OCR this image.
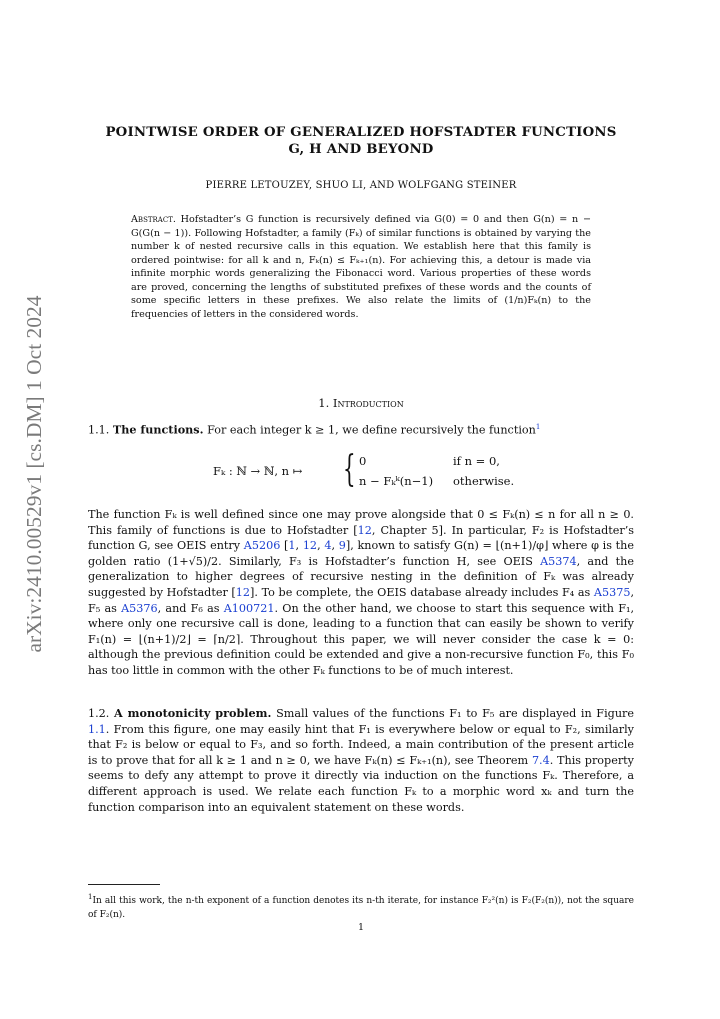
arXiv:2410.00529v1 [cs.DM] 1 Oct 2024
POINTWISE ORDER OF GENERALIZED HOFSTADTER FUNCTIONS
G, H AND BEYOND
PIERRE LETOUZEY, SHUO LI, AND WOLFGANG STEINER
Abstract. Hofstadter’s G function is recursively defined via G(0) = 0 and then G(n) = n − G(G(n − 1)). Following Hofstadter, a family (Fₖ) of similar functions is obtained by varying the number k of nested recursive calls in this equation. We establish here that this family is ordered pointwise: for all k and n, Fₖ(n) ≤ Fₖ₊₁(n). For achieving this, a detour is made via infinite morphic words generalizing the Fibonacci word. Various properties of these words are proved, concerning the lengths of substituted prefixes of these words and the counts of some specific letters in these prefixes. We also relate the limits of (1/n)Fₖ(n) to the frequencies of letters in the considered words.
1. Introduction
1.1. The functions. For each integer k ≥ 1, we define recursively the function$^1$
Fₖ : ℕ → ℕ, n ↦ { 0	if n = 0,
n − Fₖᵏ(n−1) otherwise.
The function Fₖ is well defined since one may prove alongside that 0 ≤ Fₖ(n) ≤ n for all n ≥ 0. This family of functions is due to Hofstadter [12, Chapter 5]. In particular, F₂ is Hofstadter’s function G, see OEIS entry A5206 [1, 12, 4, 9], known to satisfy G(n) = ⌊(n+1)/φ⌋ where φ is the golden ratio (1+√5)/2. Similarly, F₃ is Hofstadter’s function H, see OEIS A5374, and the generalization to higher degrees of recursive nesting in the definition of Fₖ was already suggested by Hofstadter [12]. To be complete, the OEIS database already includes F₄ as A5375, F₅ as A5376, and F₆ as A100721. On the other hand, we choose to start this sequence with F₁, where only one recursive call is done, leading to a function that can easily be shown to verify F₁(n) = ⌊(n+1)/2⌋ = ⌈n/2⌉. Throughout this paper, we will never consider the case k = 0: although the previous definition could be extended and give a non-recursive function F₀, this F₀ has too little in common with the other Fₖ functions to be of much interest.
1.2. A monotonicity problem. Small values of the functions F₁ to F₅ are displayed in Figure 1.1. From this figure, one may easily hint that F₁ is everywhere below or equal to F₂, similarly that F₂ is below or equal to F₃, and so forth. Indeed, a main contribution of the present article is to prove that for all k ≥ 1 and n ≥ 0, we have Fₖ(n) ≤ Fₖ₊₁(n), see Theorem 7.4. This property seems to defy any attempt to prove it directly via induction on the functions Fₖ. Therefore, a different approach is used. We relate each function Fₖ to a morphic word xₖ and turn the function comparison into an equivalent statement on these words.
$^1$In all this work, the n-th exponent of a function denotes its n-th iterate, for instance F₂²(n) is F₂(F₂(n)), not the square of F₂(n).
1
